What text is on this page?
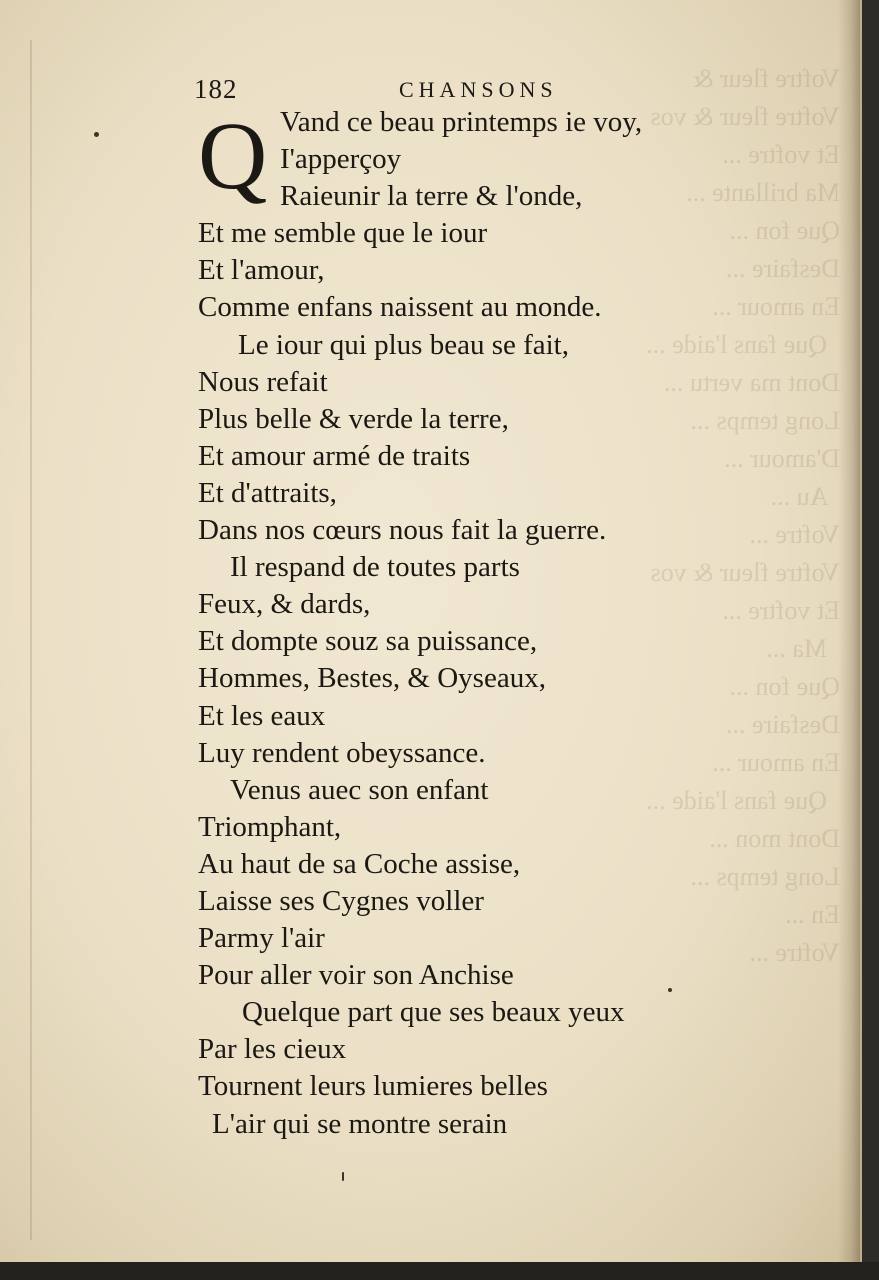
Voftre fleur &
Voftre fleur & vos
Et voftre ...
Ma brillante ...
Que fon ...
Desfaire ...
En amour ...
Que fans l'aide ...
Dont ma vertu ...
Long temps ...
D'amour ...
Au ...
Voftre ...
Voftre fleur & vos
Et voftre ...
Ma ...
Que fon ...
Desfaire ...
En amour ...
Que fans l'aide ...
Dont mon ...
Long temps ...
En ...
Voftre ...
182	CHANSONS
Q Vand ce beau printemps ie voy,
I'apperçoy
Raieunir la terre & l'onde,
Et me semble que le iour
Et l'amour,
Comme enfans naissent au monde.
Le iour qui plus beau se fait,
Nous refait
Plus belle & verde la terre,
Et amour armé de traits
Et d'attraits,
Dans nos cœurs nous fait la guerre.
Il respand de toutes parts
Feux, & dards,
Et dompte souz sa puissance,
Hommes, Bestes, & Oyseaux,
Et les eaux
Luy rendent obeyssance.
Venus auec son enfant
Triomphant,
Au haut de sa Coche assise,
Laisse ses Cygnes voller
Parmy l'air
Pour aller voir son Anchise
Quelque part que ses beaux yeux
Par les cieux
Tournent leurs lumieres belles
L'air qui se montre serain
